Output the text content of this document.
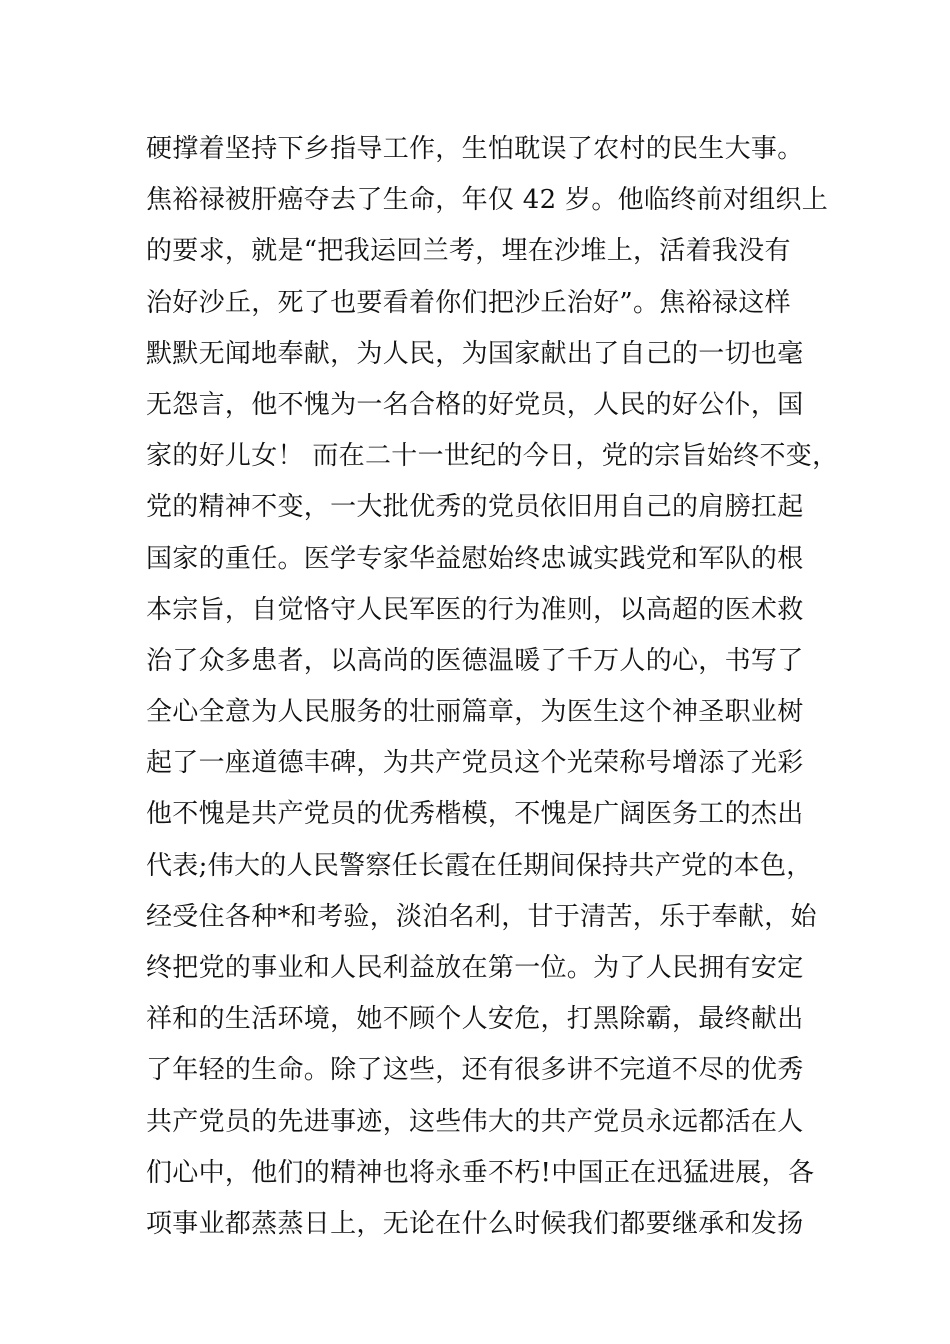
硬撑着坚持下乡指导工作，生怕耽误了农村的民生大事。
焦裕禄被肝癌夺去了生命，年仅 42 岁。他临终前对组织上
的要求，就是“把我运回兰考，埋在沙堆上，活着我没有
治好沙丘，死了也要看着你们把沙丘治好”。焦裕禄这样
默默无闻地奉献，为人民，为国家献出了自己的一切也毫
无怨言，他不愧为一名合格的好党员，人民的好公仆，国
家的好儿女！ 而在二十一世纪的今日，党的宗旨始终不变，
党的精神不变，一大批优秀的党员依旧用自己的肩膀扛起
国家的重任。医学专家华益慰始终忠诚实践党和军队的根
本宗旨，自觉恪守人民军医的行为准则，以高超的医术救
治了众多患者，以高尚的医德温暖了千万人的心，书写了
全心全意为人民服务的壮丽篇章，为医生这个神圣职业树
起了一座道德丰碑，为共产党员这个光荣称号增添了光彩
他不愧是共产党员的优秀楷模，不愧是广阔医务工的杰出
代表;伟大的人民警察任长霞在任期间保持共产党的本色，
经受住各种*和考验，淡泊名利，甘于清苦，乐于奉献，始
终把党的事业和人民利益放在第一位。为了人民拥有安定
祥和的生活环境，她不顾个人安危，打黑除霸，最终献出
了年轻的生命。除了这些，还有很多讲不完道不尽的优秀
共产党员的先进事迹，这些伟大的共产党员永远都活在人
们心中，他们的精神也将永垂不朽!中国正在迅猛进展，各
项事业都蒸蒸日上，无论在什么时候我们都要继承和发扬
